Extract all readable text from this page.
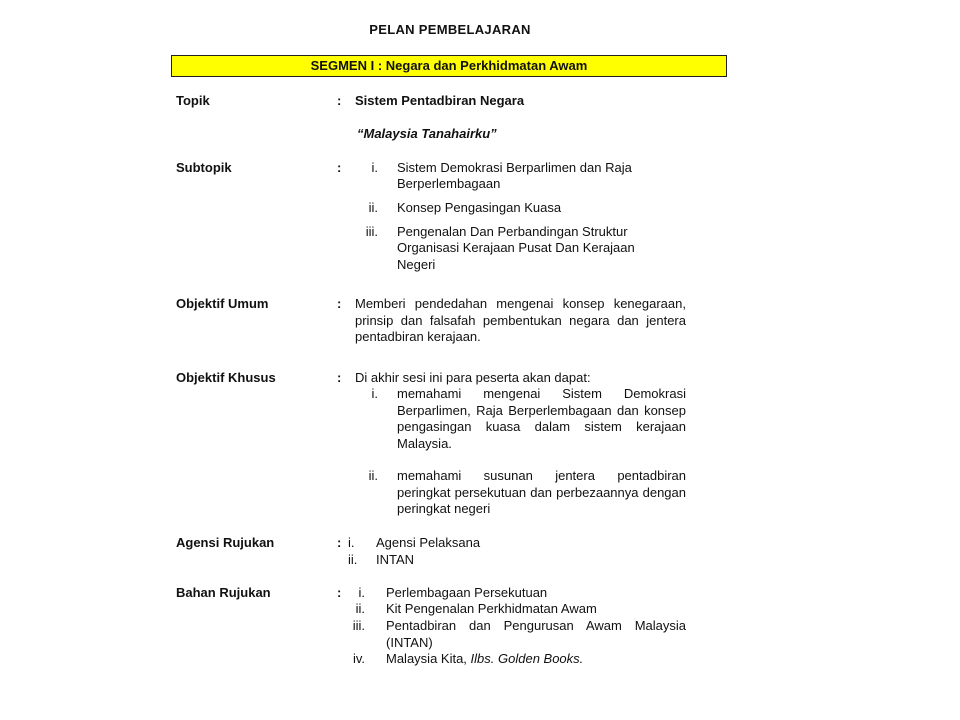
PELAN PEMBELAJARAN
SEGMEN I : Negara dan Perkhidmatan Awam
Topik	: Sistem Pentadbiran Negara
“Malaysia Tanahairku”
Subtopik	:	i. Sistem Demokrasi Berparlimen dan Raja
Berperlembagaan
ii. Konsep Pengasingan Kuasa
iii. Pengenalan Dan Perbandingan Struktur
Organisasi Kerajaan Pusat Dan Kerajaan
Negeri
Objektif Umum	: Memberi pendedahan mengenai konsep kenegaraan, prinsip dan falsafah pembentukan negara dan jentera pentadbiran kerajaan.
Objektif Khusus	: Di akhir sesi ini para peserta akan dapat:
i. memahami mengenai Sistem Demokrasi Berparlimen, Raja Berperlembagaan dan konsep pengasingan kuasa dalam sistem kerajaan Malaysia.
ii. memahami susunan jentera pentadbiran peringkat persekutuan dan perbezaannya dengan peringkat negeri
Agensi Rujukan	: i. Agensi Pelaksana
ii. INTAN
Bahan Rujukan	:	i. Perlembagaan Persekutuan
ii. Kit Pengenalan Perkhidmatan Awam
iii. Pentadbiran dan Pengurusan Awam Malaysia (INTAN)
iv. Malaysia Kita, Ilbs. Golden Books.
